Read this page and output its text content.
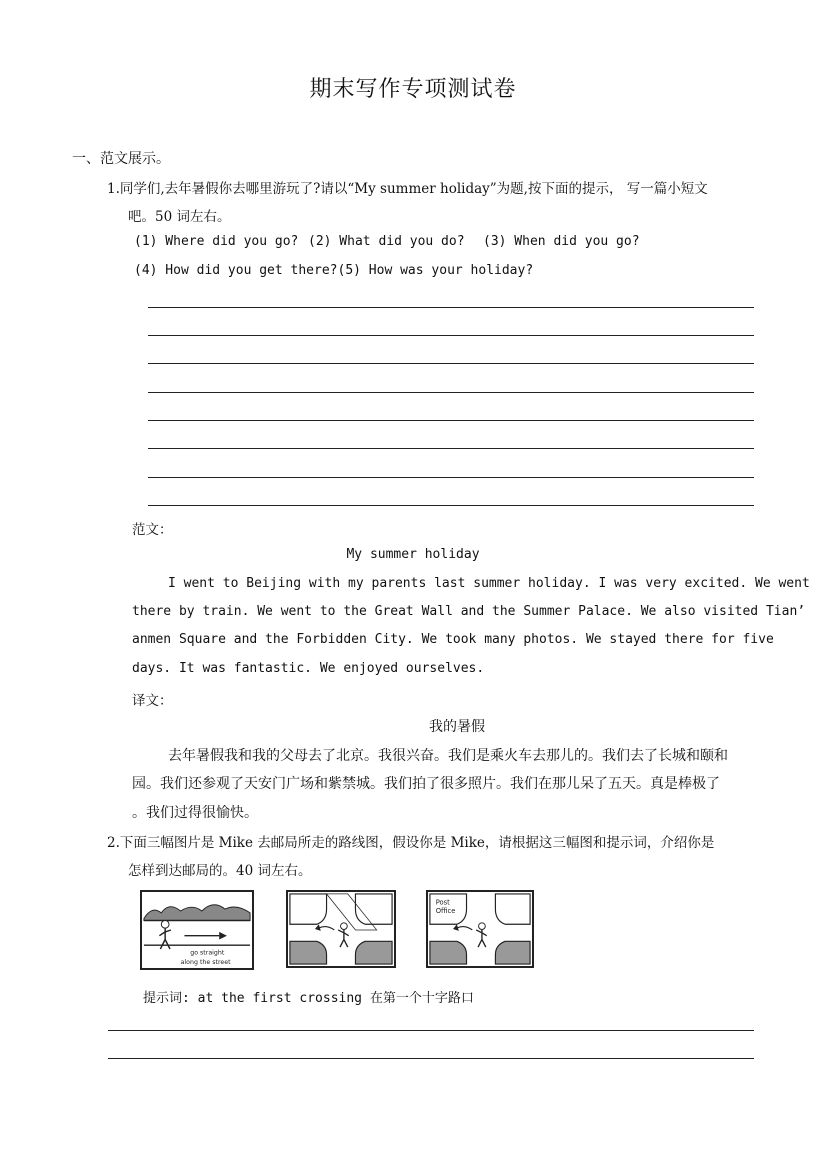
期末写作专项测试卷
一、范文展示。
1.同学们,去年暑假你去哪里游玩了?请以“My summer holiday”为题,按下面的提示， 写一篇小短文
吧。50 词左右。
(1) Where did you go? (2) What did you do? (3) When did you go?
(4) How did you get there?(5) How was your holiday?
范文：
My summer holiday
I went to Beijing with my parents last summer holiday. I was very excited. We went
there by train. We went to the Great Wall and the Summer Palace. We also visited Tian’
anmen Square and the Forbidden City. We took many photos. We stayed there for five
days. It was fantastic. We enjoyed ourselves.
译文：
我的暑假
去年暑假我和我的父母去了北京。我很兴奋。我们是乘火车去那儿的。我们去了长城和颐和
园。我们还参观了天安门广场和紫禁城。我们拍了很多照片。我们在那儿呆了五天。真是棒极了
。我们过得很愉快。
2.下面三幅图片是 Mike 去邮局所走的路线图，假设你是 Mike，请根据这三幅图和提示词，介绍你是
怎样到达邮局的。40 词左右。
go straight
along the street
Post
Office
提示词: at the first crossing 在第一个十字路口
